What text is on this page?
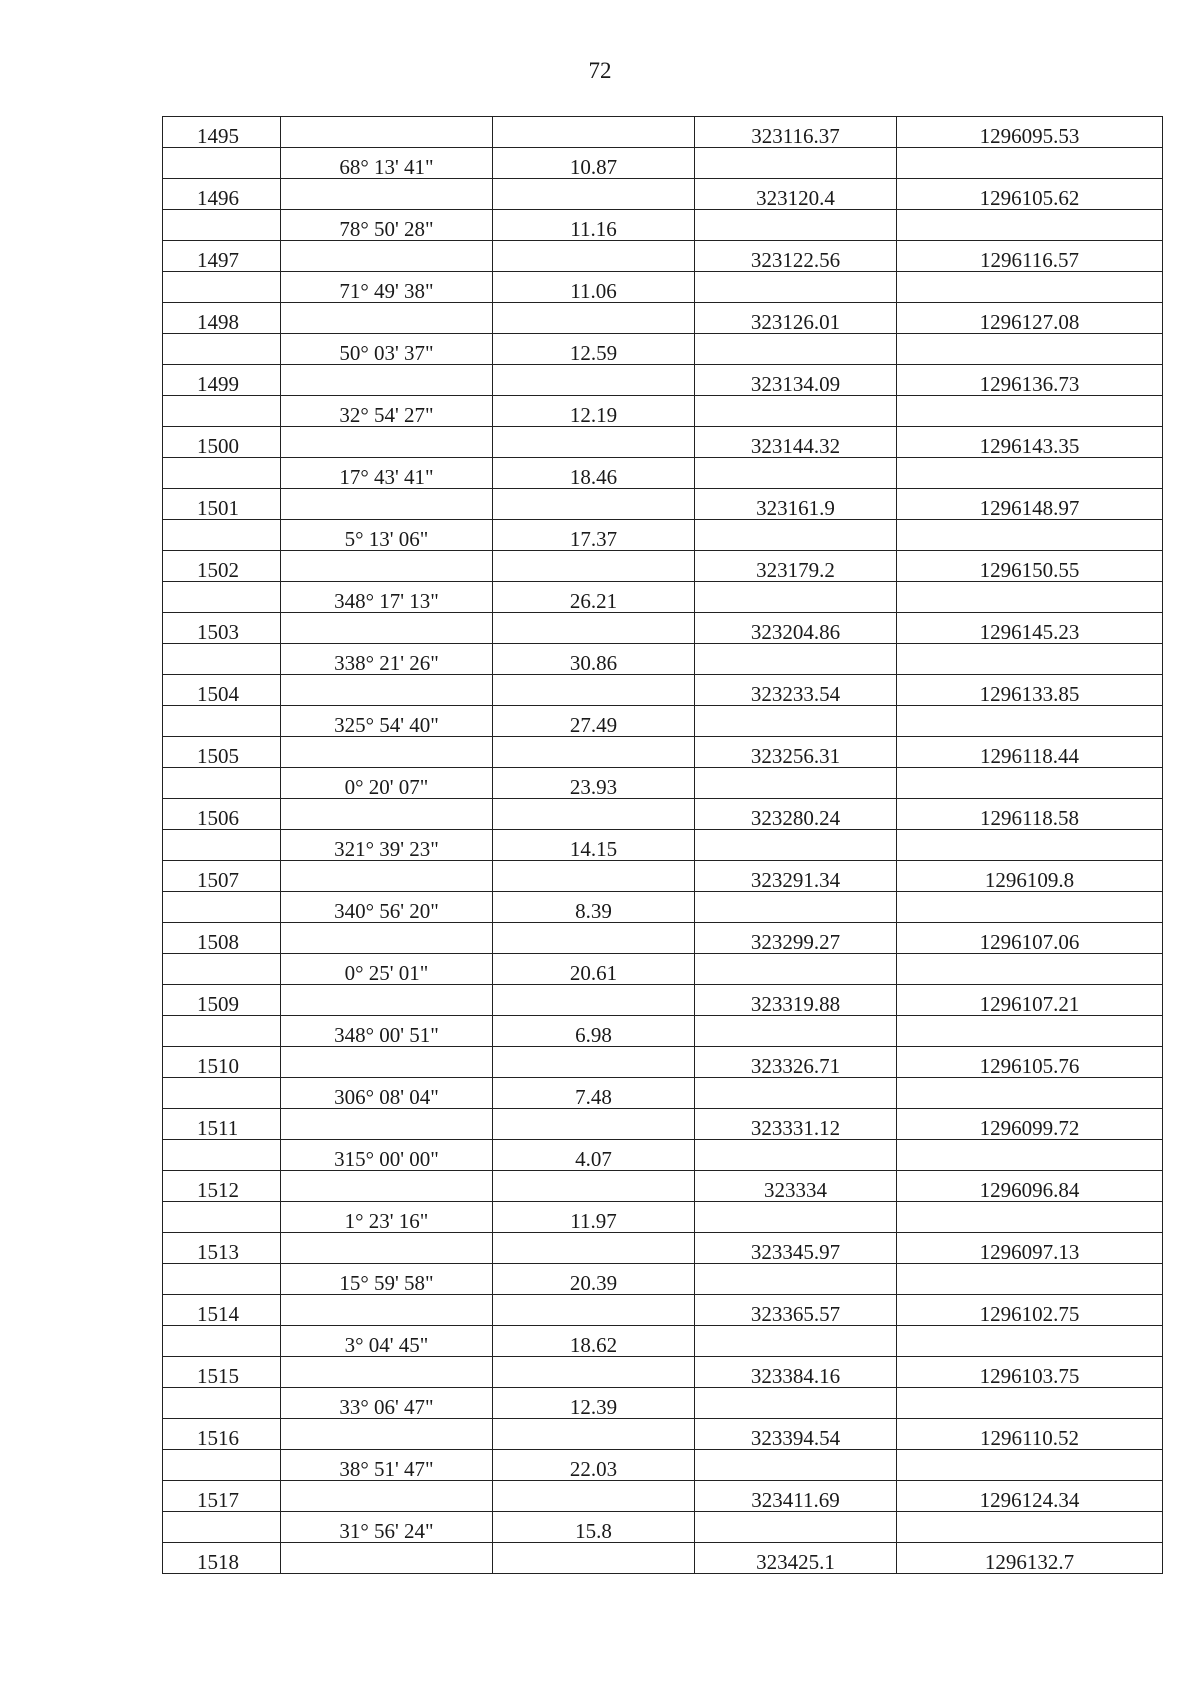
72
1495			323116.37	1296095.53
	68° 13' 41"	10.87		
1496			323120.4	1296105.62
	78° 50' 28"	11.16		
1497			323122.56	1296116.57
	71° 49' 38"	11.06		
1498			323126.01	1296127.08
	50° 03' 37"	12.59		
1499			323134.09	1296136.73
	32° 54' 27"	12.19		
1500			323144.32	1296143.35
	17° 43' 41"	18.46		
1501			323161.9	1296148.97
	5° 13' 06"	17.37		
1502			323179.2	1296150.55
	348° 17' 13"	26.21		
1503			323204.86	1296145.23
	338° 21' 26"	30.86		
1504			323233.54	1296133.85
	325° 54' 40"	27.49		
1505			323256.31	1296118.44
	0° 20' 07"	23.93		
1506			323280.24	1296118.58
	321° 39' 23"	14.15		
1507			323291.34	1296109.8
	340° 56' 20"	8.39		
1508			323299.27	1296107.06
	0° 25' 01"	20.61		
1509			323319.88	1296107.21
	348° 00' 51"	6.98		
1510			323326.71	1296105.76
	306° 08' 04"	7.48		
1511			323331.12	1296099.72
	315° 00' 00"	4.07		
1512			323334	1296096.84
	1° 23' 16"	11.97		
1513			323345.97	1296097.13
	15° 59' 58"	20.39		
1514			323365.57	1296102.75
	3° 04' 45"	18.62		
1515			323384.16	1296103.75
	33° 06' 47"	12.39		
1516			323394.54	1296110.52
	38° 51' 47"	22.03		
1517			323411.69	1296124.34
	31° 56' 24"	15.8		
1518			323425.1	1296132.7
